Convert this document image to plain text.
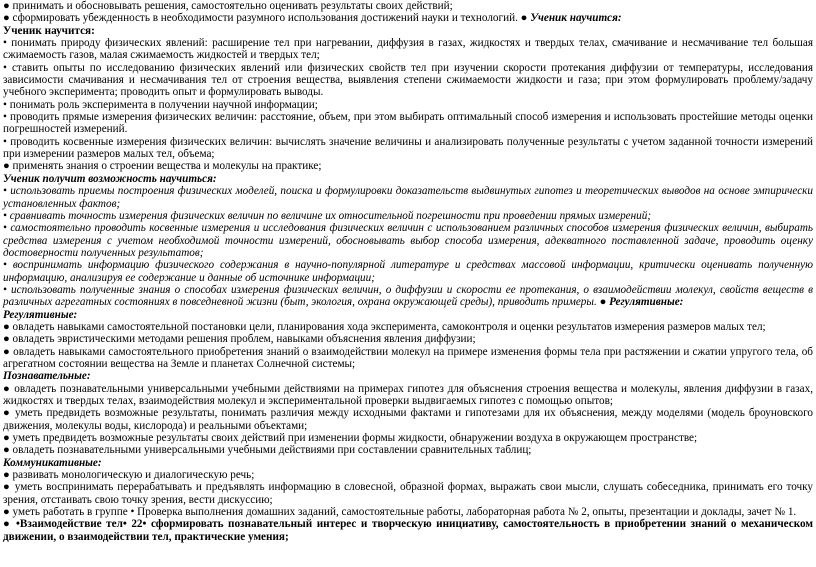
● принимать и обосновывать решения, самостоятельно оценивать результаты своих действий;

● сформировать убежденность в необходимости разумного использования достижений науки и технологий. ● Ученик научится:

Ученик научится:

• понимать природу физических явлений: расширение тел при нагревании, диффузия в газах, жидкостях и твердых телах, смачивание и несмачивание тел большая сжимаемость газов, малая сжимаемость жидкостей и твердых тел;

• ставить опыты по исследованию физических явлений или физических свойств тел при изучении скорости протекания диффузии от температуры, исследования зависимости смачивания и несмачивания тел от строения вещества, выявления степени сжимаемости жидкости и газа; при этом формулировать проблему/задачу учебного эксперимента; проводить опыт и формулировать выводы.

• понимать роль эксперимента в получении научной информации;

• проводить прямые измерения физических величин: расстояние, объем, при этом выбирать оптимальный способ измерения и использовать простейшие методы оценки погрешностей измерений.

• проводить косвенные измерения физических величин: вычислять значение величины и анализировать полученные результаты с учетом заданной точности измерений при измерении размеров малых тел, объема;

● применять знания о строении вещества и молекулы на практике;

Ученик получит возможность научиться:

• использовать приемы построения физических моделей, поиска и формулировки доказательств выдвинутых гипотез и теоретических выводов на основе эмпирически установленных фактов;

• сравнивать точность измерения физических величин по величине их относительной погрешности при проведении прямых измерений;

• самостоятельно проводить косвенные измерения и исследования физических величин с использованием различных способов измерения физических величин, выбирать средства измерения с учетом необходимой точности измерений, обосновывать выбор способа измерения, адекватного поставленной задаче, проводить оценку достоверности полученных результатов;

• воспринимать информацию физического содержания в научно-популярной литературе и средствах массовой информации, критически оценивать полученную информацию, анализируя ее содержание и данные об источнике информации;

• использовать полученные знания о способах измерения физических величин, о диффузии и скорости ее протекания, о взаимодействии молекул, свойств веществ в различных агрегатных состояниях в повседневной жизни (быт, экология, охрана окружающей среды), приводить примеры. ● Регулятивные:

Регулятивные:

● овладеть навыками самостоятельной постановки цели, планирования хода эксперимента, самоконтроля и оценки результатов измерения размеров малых тел;

● овладеть эвристическими методами решения проблем, навыками объяснения явления диффузии;

● овладеть навыками самостоятельного приобретения знаний о взаимодействии молекул на примере изменения формы тела при растяжении и сжатии упругого тела, об агрегатном состоянии вещества на Земле и планетах Солнечной системы;

Познавательные:

● овладеть познавательными универсальными учебными действиями на примерах гипотез для объяснения строения вещества и молекулы, явления диффузии в газах, жидкостях и твердых телах, взаимодействия молекул и экспериментальной проверки выдвигаемых гипотез с помощью опытов;

● уметь предвидеть возможные результаты, понимать различия между исходными фактами и гипотезами для их объяснения, между моделями (модель броуновского движения, молекулы воды, кислорода) и реальными объектами;

● уметь предвидеть возможные результаты своих действий при изменении формы жидкости, обнаружении воздуха в окружающем пространстве;

● овладеть познавательными универсальными учебными действиями при составлении сравнительных таблиц;

Коммуникативные:

● развивать монологическую и диалогическую речь;

● уметь воспринимать перерабатывать и предъявлять информацию в словесной, образной формах, выражать свои мысли, слушать собеседника, принимать его точку зрения, отстаивать свою точку зрения, вести дискуссию;

● уметь работать в группе • Проверка выполнения домашних заданий, самостоятельные работы, лабораторная работа № 2, опыты, презентации и доклады, зачет № 1.

● •Взаимодействие тел• 22• сформировать познавательный интерес и творческую инициативу, самостоятельность в приобретении знаний о механическом движении, о взаимодействии тел, практические умения;
